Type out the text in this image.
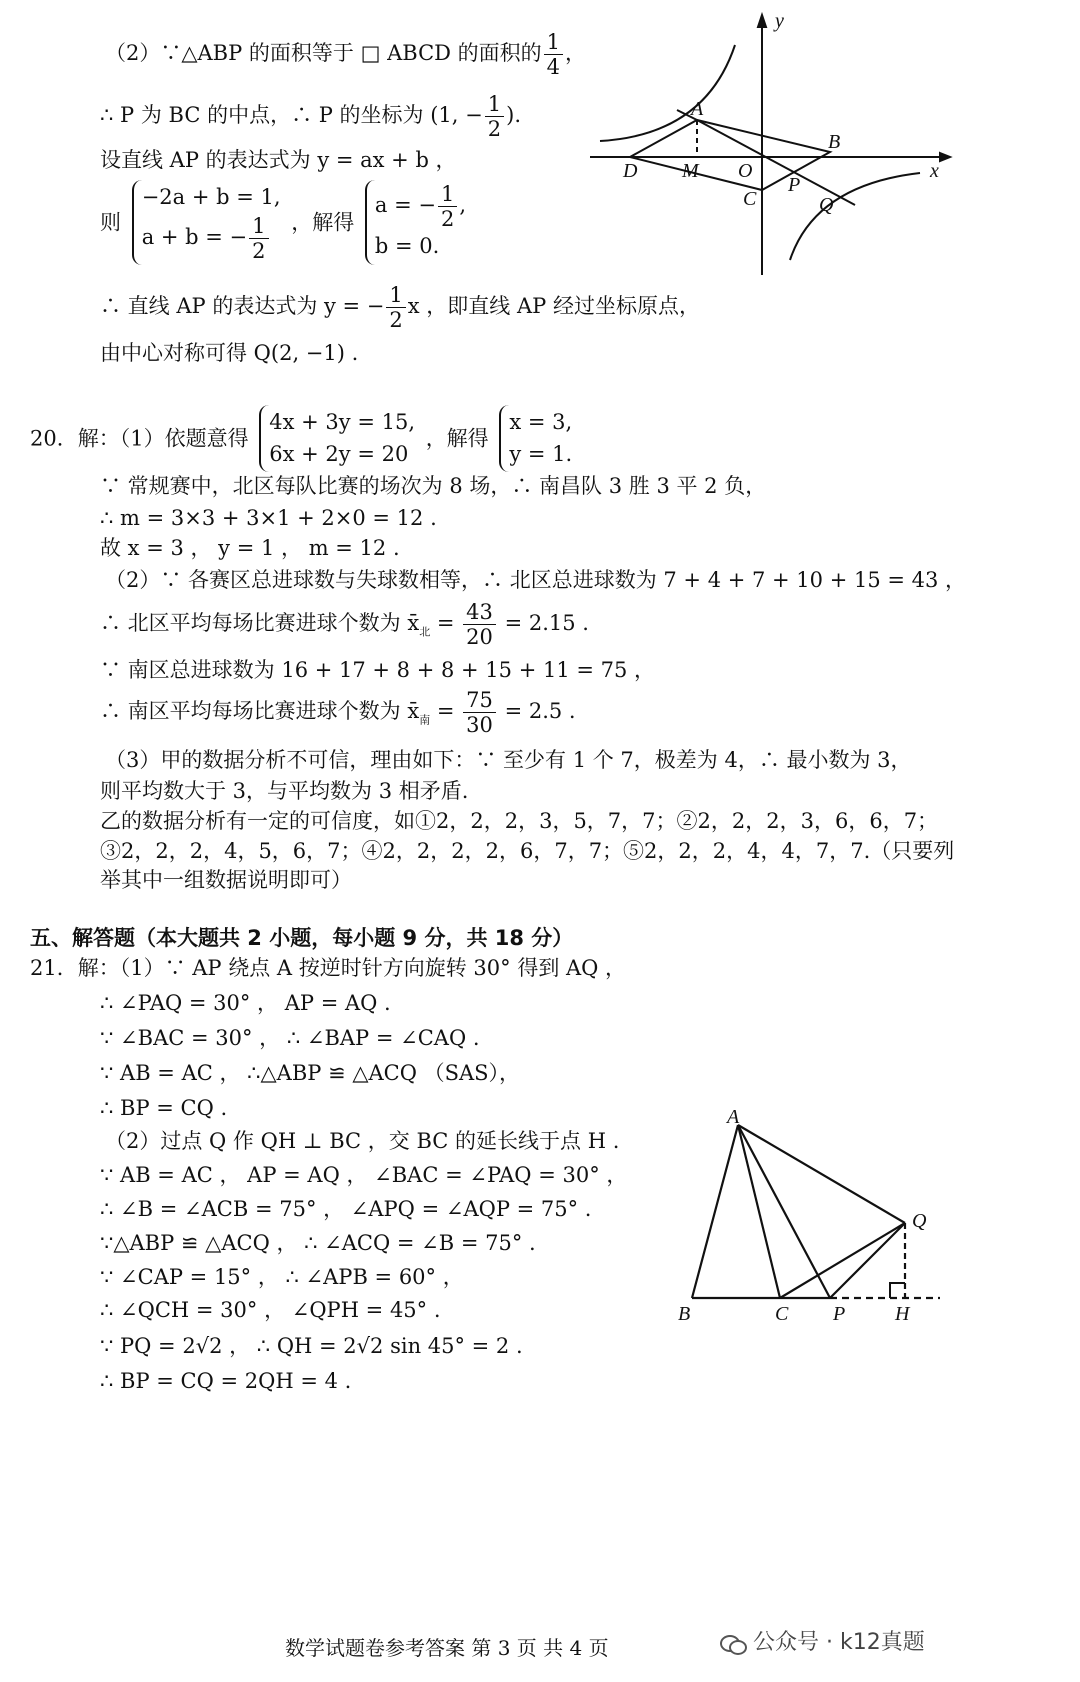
（2）∵△ABP 的面积等于 □ ABCD 的面积的 $\frac{1}{4}$ ，
∴ P 为 BC 的中点，∴ P 的坐标为 (1, − $\frac{1}{2}$ ).
设直线 AP 的表达式为 y = ax + b ，
则
−2a + b = 1,
a + b = − $\frac{1}{2}$ ，解得
a = − $\frac{1}{2}$ ,
b = 0.
∴ 直线 AP 的表达式为 y = − $\frac{1}{2}$ x ，即直线 AP 经过坐标原点，
由中心对称可得 Q(2, −1) .
y
x
A
B
D M O
C
P
Q
20．解：（1）依题意得
4x + 3y = 15,
6x + 2y = 20
，解得
x = 3,
y = 1.
∵ 常规赛中，北区每队比赛的场次为 8 场，∴ 南昌队 3 胜 3 平 2 负，
∴ m = 3×3 + 3×1 + 2×0 = 12 .
故 x = 3 ， y = 1 ， m = 12 .
（2）∵ 各赛区总进球数与失球数相等，∴ 北区总进球数为 7 + 4 + 7 + 10 + 15 = 43 ，
∴ 北区平均每场比赛进球个数为 $x̄_北 = \frac{43}{20} = 2.15$ .
∵ 南区总进球数为 16 + 17 + 8 + 8 + 15 + 11 = 75 ，
∴ 南区平均每场比赛进球个数为 $x̄_南 = \frac{75}{30} = 2.5$ .
（3）甲的数据分析不可信，理由如下：∵ 至少有 1 个 7，极差为 4，∴ 最小数为 3，
则平均数大于 3，与平均数为 3 相矛盾.
乙的数据分析有一定的可信度，如①2，2，2，3，5，7，7；②2，2，2，3，6，6，7；
③2，2，2，4，5，6，7；④2，2，2，2，6，7，7；⑤2，2，2，4，4，7，7.（只要列
举其中一组数据说明即可）
五、解答题（本大题共 2 小题，每小题 9 分，共 18 分）
21．解：（1）∵ AP 绕点 A 按逆时针方向旋转 30° 得到 AQ ，
∴ ∠PAQ = 30° ， AP = AQ .
∵ ∠BAC = 30° ， ∴ ∠BAP = ∠CAQ .
∵ AB = AC ， ∴△ABP ≌ △ACQ （SAS），
∴ BP = CQ .
（2）过点 Q 作 QH ⊥ BC ，交 BC 的延长线于点 H .
∵ AB = AC ， AP = AQ ， ∠BAC = ∠PAQ = 30° ，
∴ ∠B = ∠ACB = 75° ， ∠APQ = ∠AQP = 75° .
∵△ABP ≌ △ACQ ， ∴ ∠ACQ = ∠B = 75° .
∵ ∠CAP = 15° ， ∴ ∠APB = 60° ，
∴ ∠QCH = 30° ， ∠QPH = 45° .
∵ PQ = 2√2 ， ∴ QH = 2√2 sin 45° = 2 .
∴ BP = CQ = 2QH = 4 .
A
Q
B	C P H
数学试题卷参考答案 第 3 页 共 4 页	公众号 · k12真题
